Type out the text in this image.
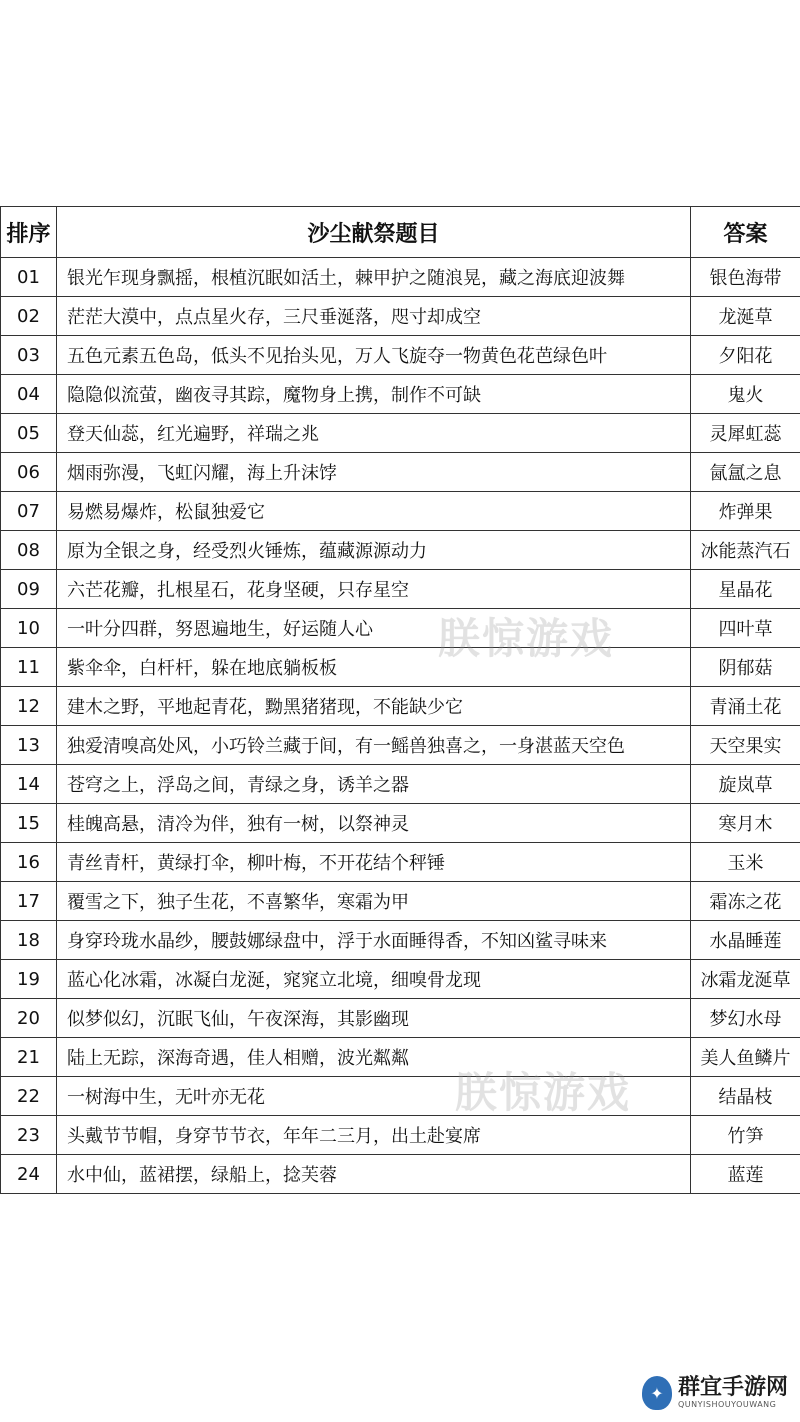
排序	沙尘献祭题目	答案
01	银光乍现身飘摇，根植沉眠如活土，棘甲护之随浪晃，藏之海底迎波舞	银色海带
02	茫茫大漠中，点点星火存，三尺垂涎落，咫寸却成空	龙涎草
03	五色元素五色岛，低头不见抬头见，万人飞旋夺一物黄色花芭绿色叶	夕阳花
04	隐隐似流萤，幽夜寻其踪，魔物身上携，制作不可缺	鬼火
05	登天仙蕊，红光遍野，祥瑞之兆	灵犀虹蕊
06	烟雨弥漫，飞虹闪耀，海上升沫饽	氤氲之息
07	易燃易爆炸，松鼠独爱它	炸弹果
08	原为全银之身，经受烈火锤炼，蕴藏源源动力	冰能蒸汽石
09	六芒花瓣，扎根星石，花身坚硬，只存星空	星晶花
10	一叶分四群，努恩遍地生，好运随人心	四叶草
11	紫伞伞，白杆杆，躲在地底躺板板	阴郁菇
12	建木之野，平地起青花，黝黑猪猪现，不能缺少它	青涌土花
13	独爱清嗅高处风，小巧铃兰藏于间，有一鳐兽独喜之，一身湛蓝天空色	天空果实
14	苍穹之上，浮岛之间，青绿之身，诱羊之器	旋岚草
15	桂魄高悬，清冷为伴，独有一树，以祭神灵	寒月木
16	青丝青杆，黄绿打伞，柳叶梅，不开花结个秤锤	玉米
17	覆雪之下，独子生花，不喜繁华，寒霜为甲	霜冻之花
18	身穿玲珑水晶纱，腰鼓娜绿盘中，浮于水面睡得香，不知凶鲨寻味来	水晶睡莲
19	蓝心化冰霜，冰凝白龙涎，窕窕立北境，细嗅骨龙现	冰霜龙涎草
20	似梦似幻，沉眠飞仙，午夜深海，其影幽现	梦幻水母
21	陆上无踪，深海奇遇，佳人相赠，波光粼粼	美人鱼鳞片
22	一树海中生，无叶亦无花	结晶枝
23	头戴节节帽，身穿节节衣，年年二三月，出土赴宴席	竹笋
24	水中仙，蓝裙摆，绿船上，捻芙蓉	蓝莲
朕惊游戏
朕惊游戏
✦ 群宜手游网
QUNYISHOUYOUWANG
